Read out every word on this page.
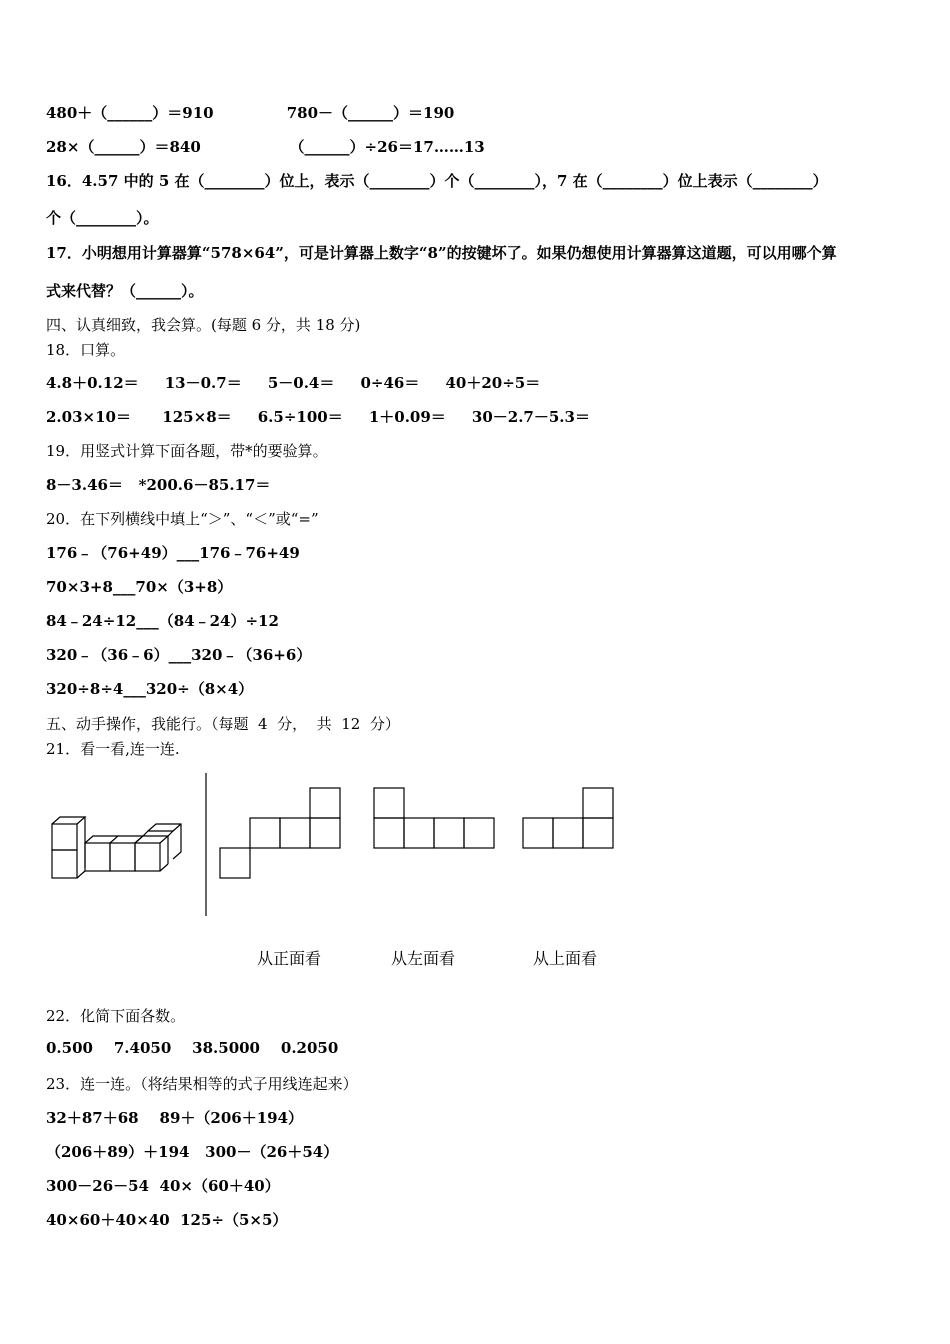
480＋（______）＝910              780－（______）＝190
28×（______）＝840                 （______）÷26＝17……13
16．4.57 中的 5 在（________）位上，表示（________）个（________），7 在（________）位上表示（________）
个（________）。
17．小明想用计算器算“578×64”，可是计算器上数字“8”的按键坏了。如果仍想使用计算器算这道题，可以用哪个算
式来代替？（______）。
四、认真细致，我会算。(每题 6 分，共 18 分)
18．口算。
4.8＋0.12＝     13－0.7＝     5－0.4＝     0÷46＝     40＋20÷5＝
2.03×10＝      125×8＝     6.5÷100＝     1＋0.09＝     30－2.7－5.3＝
19．用竖式计算下面各题，带*的要验算。
8－3.46＝   *200.6－85.17＝
20．在下列横线中填上“＞”、“＜”或“=”
176﹣（76+49）___176﹣76+49
70×3+8___70×（3+8）
84﹣24÷12___（84﹣24）÷12
320﹣（36﹣6）___320﹣（36+6）
320÷8÷4___320÷（8×4）
五、动手操作，我能行。（每题  4  分，  共  12  分）
21．看一看,连一连.
从正面看	从左面看	从上面看
22．化简下面各数。
0.500    7.4050    38.5000    0.2050
23．连一连。（将结果相等的式子用线连起来）
32＋87＋68    89＋（206＋194）
（206＋89）＋194   300－（26＋54）
300－26－54  40×（60＋40）
40×60＋40×40  125÷（5×5）
